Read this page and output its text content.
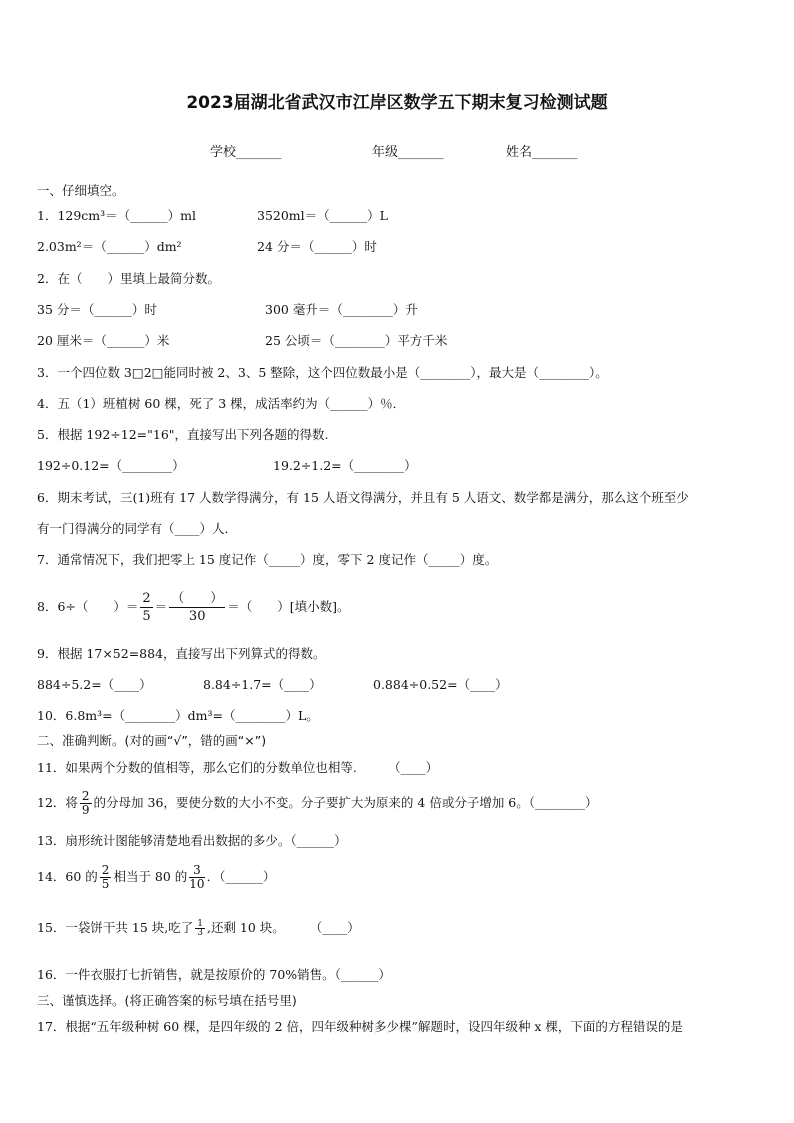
2023届湖北省武汉市江岸区数学五下期末复习检测试题
学校_______	年级_______	姓名_______
一、仔细填空。
1．129cm³＝（______）ml	3520ml＝（______）L
2.03m²＝（______）dm²	24 分＝（______）时
2．在（　　）里填上最简分数。
35 分＝（______）时	300 毫升＝（________）升
20 厘米＝（______）米	25 公顷＝（________）平方千米
3．一个四位数 3□2□能同时被 2、3、5 整除，这个四位数最小是（________），最大是（________）。
4．五（1）班植树 60 棵，死了 3 棵，成活率约为（______）％．
5．根据 192÷12="16"，直接写出下列各题的得数.
192÷0.12=（________）	19.2÷1.2=（________）
6．期末考试，三(1)班有 17 人数学得满分，有 15 人语文得满分，并且有 5 人语文、数学都是满分，那么这个班至少
有一门得满分的同学有（____）人．
7．通常情况下，我们把零上 15 度记作（_____）度，零下 2 度记作（_____）度。
8．6÷（　　）＝ $\frac{2}{5} = \frac{( )}{30}$ ＝（　　）[填小数]。
9．根据 17×52=884，直接写出下列算式的得数。
884÷5.2=（____）	8.84÷1.7=（____）	0.884÷0.52=（____）
10．6.8m³=（________）dm³=（________）L。
二、准确判断。(对的画“√”，错的画“×”)
11．如果两个分数的值相等，那么它们的分数单位也相等.　　　（____）
12．将 $\frac{2}{9}$ 的分母加 36，要使分数的大小不变。分子要扩大为原来的 4 倍或分子增加 6。（________）
13．扇形统计图能够清楚地看出数据的多少。（______）
14．60 的 $\frac{2}{5}$ 相当于 80 的 $\frac{3}{10}$ ．（______）
15．一袋饼干共 15 块,吃了 $\frac{1}{3}$ ,还剩 10 块。　　　（____）
16．一件衣服打七折销售，就是按原价的 70%销售。（______）
三、谨慎选择。(将正确答案的标号填在括号里)
17．根据“五年级种树 60 棵，是四年级的 2 倍，四年级种树多少棵”解题时，设四年级种 x 棵，下面的方程错误的是
